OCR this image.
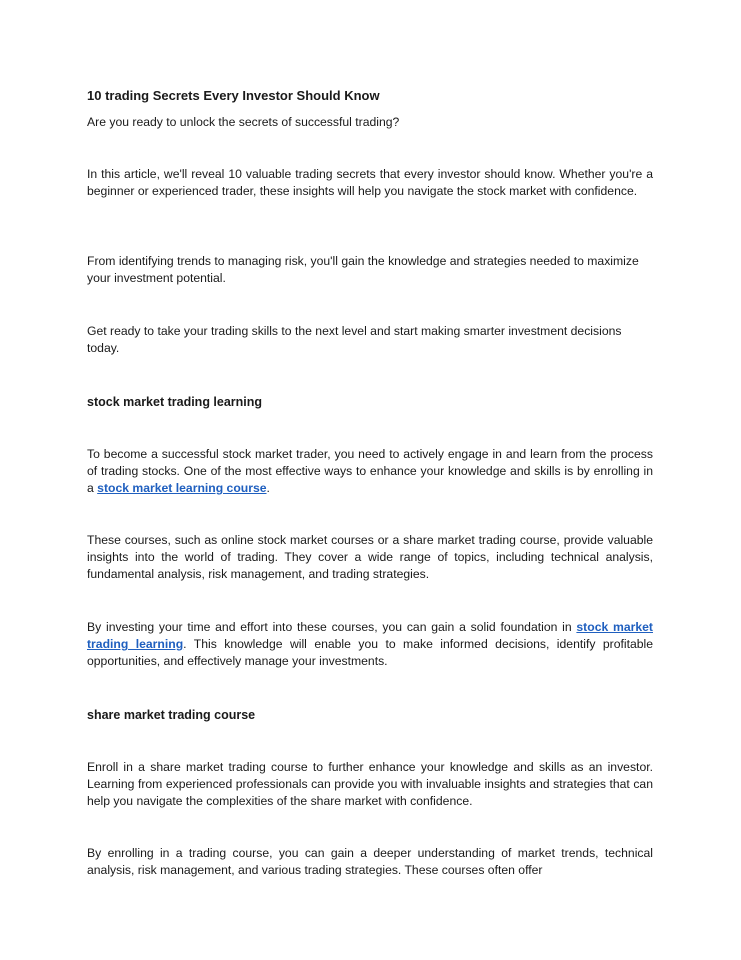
10 trading Secrets Every Investor Should Know
Are you ready to unlock the secrets of successful trading?
In this article, we'll reveal 10 valuable trading secrets that every investor should know. Whether you're a beginner or experienced trader, these insights will help you navigate the stock market with confidence.
From identifying trends to managing risk, you'll gain the knowledge and strategies needed to maximize your investment potential.
Get ready to take your trading skills to the next level and start making smarter investment decisions today.
stock market trading learning
To become a successful stock market trader, you need to actively engage in and learn from the process of trading stocks. One of the most effective ways to enhance your knowledge and skills is by enrolling in a stock market learning course.
These courses, such as online stock market courses or a share market trading course, provide valuable insights into the world of trading. They cover a wide range of topics, including technical analysis, fundamental analysis, risk management, and trading strategies.
By investing your time and effort into these courses, you can gain a solid foundation in stock market trading learning. This knowledge will enable you to make informed decisions, identify profitable opportunities, and effectively manage your investments.
share market trading course
Enroll in a share market trading course to further enhance your knowledge and skills as an investor. Learning from experienced professionals can provide you with invaluable insights and strategies that can help you navigate the complexities of the share market with confidence.
By enrolling in a trading course, you can gain a deeper understanding of market trends, technical analysis, risk management, and various trading strategies. These courses often offer
